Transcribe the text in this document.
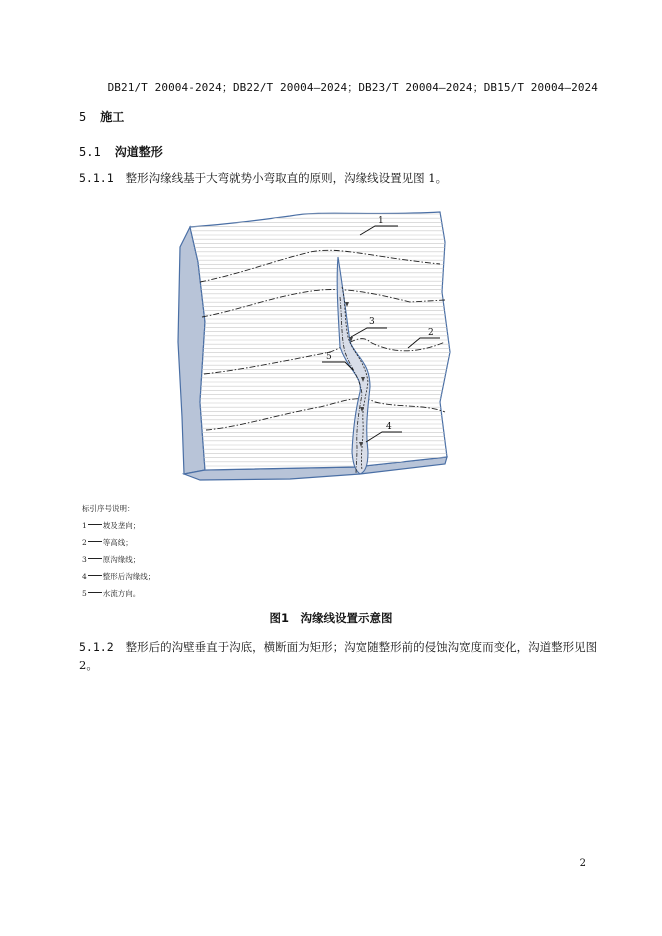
DB21/T 20004-2024；DB22/T 20004—2024；DB23/T 20004—2024；DB15/T 20004—2024
5 施工
5.1 沟道整形
5.1.1 整形沟缘线基于大弯就势小弯取直的原则，沟缘线设置见图 1。
1
2
3
4
5
标引序号说明：
1 坡及垄向；
2 等高线；
3 原沟缘线；
4 整形后沟缘线；
5 水流方向。
图1　沟缘线设置示意图
5.1.2 整形后的沟壁垂直于沟底，横断面为矩形；沟宽随整形前的侵蚀沟宽度而变化，沟道整形见图 2。
2
